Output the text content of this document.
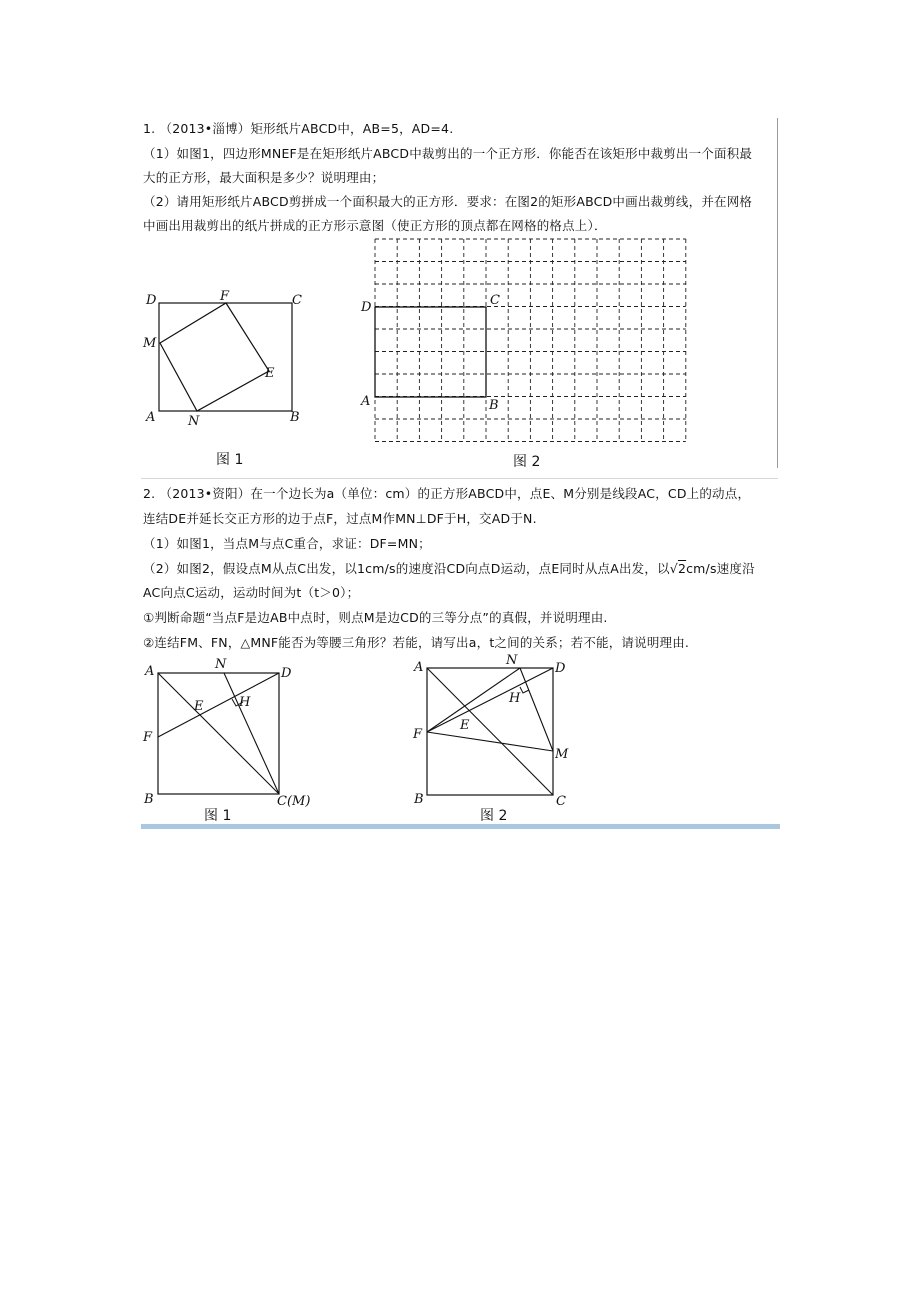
1. （2013•淄博）矩形纸片ABCD中，AB=5，AD=4.
（1）如图1，四边形MNEF是在矩形纸片ABCD中裁剪出的一个正方形．你能否在该矩形中裁剪出一个面积最
大的正方形，最大面积是多少？说明理由；
（2）请用矩形纸片ABCD剪拼成一个面积最大的正方形．要求：在图2的矩形ABCD中画出裁剪线，并在网格
中画出用裁剪出的纸片拼成的正方形示意图（使正方形的顶点都在网格的格点上）．
D	F	C
M
E
A	N	B
图 1
D	C
A	B
图 2
2. （2013•资阳）在一个边长为a（单位：cm）的正方形ABCD中，点E、M分别是线段AC，CD上的动点，
连结DE并延长交正方形的边于点F，过点M作MN⊥DF于H，交AD于N.
（1）如图1，当点M与点C重合，求证：DF=MN；
（2）如图2，假设点M从点C出发，以1cm/s的速度沿CD向点D运动，点E同时从点A出发，以√2cm/s速度沿
AC向点C运动，运动时间为t（t＞0）；
①判断命题“当点F是边AB中点时，则点M是边CD的三等分点”的真假，并说明理由.
②连结FM、FN，△MNF能否为等腰三角形？若能，请写出a，t之间的关系；若不能，请说明理由.
A	N
D
E	H
F
B	C(M)
图 1
A	N
D
H
F
E
M
B	C
图 2
